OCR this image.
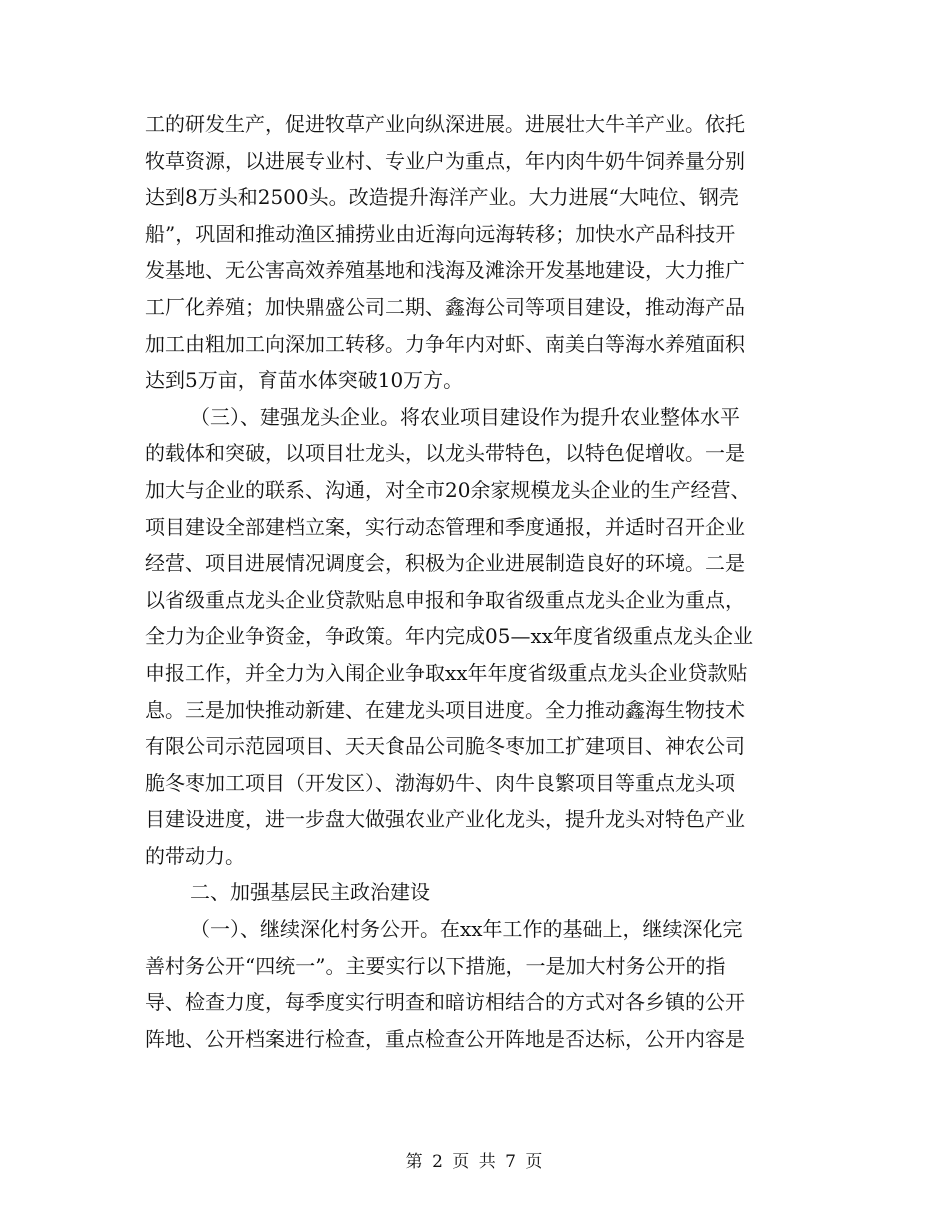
工的研发生产，促进牧草产业向纵深进展。进展壮大牛羊产业。依托
牧草资源，以进展专业村、专业户为重点，年内肉牛奶牛饲养量分别
达到8万头和2500头。改造提升海洋产业。大力进展“大吨位、钢壳
船”，巩固和推动渔区捕捞业由近海向远海转移；加快水产品科技开
发基地、无公害高效养殖基地和浅海及滩涂开发基地建设，大力推广
工厂化养殖；加快鼎盛公司二期、鑫海公司等项目建设，推动海产品
加工由粗加工向深加工转移。力争年内对虾、南美白等海水养殖面积
达到5万亩，育苗水体突破10万方。
（三）、建强龙头企业。将农业项目建设作为提升农业整体水平
的载体和突破，以项目壮龙头，以龙头带特色，以特色促增收。一是
加大与企业的联系、沟通，对全市20余家规模龙头企业的生产经营、
项目建设全部建档立案，实行动态管理和季度通报，并适时召开企业
经营、项目进展情况调度会，积极为企业进展制造良好的环境。二是
以省级重点龙头企业贷款贴息申报和争取省级重点龙头企业为重点，
全力为企业争资金，争政策。年内完成05—xx年度省级重点龙头企业
申报工作，并全力为入闱企业争取xx年年度省级重点龙头企业贷款贴
息。三是加快推动新建、在建龙头项目进度。全力推动鑫海生物技术
有限公司示范园项目、天天食品公司脆冬枣加工扩建项目、神农公司
脆冬枣加工项目（开发区）、渤海奶牛、肉牛良繁项目等重点龙头项
目建设进度，进一步盘大做强农业产业化龙头，提升龙头对特色产业
的带动力。
二、加强基层民主政治建设
（一）、继续深化村务公开。在xx年工作的基础上，继续深化完
善村务公开“四统一”。主要实行以下措施，一是加大村务公开的指
导、检查力度，每季度实行明查和暗访相结合的方式对各乡镇的公开
阵地、公开档案进行检查，重点检查公开阵地是否达标，公开内容是
第 2 页 共 7 页
